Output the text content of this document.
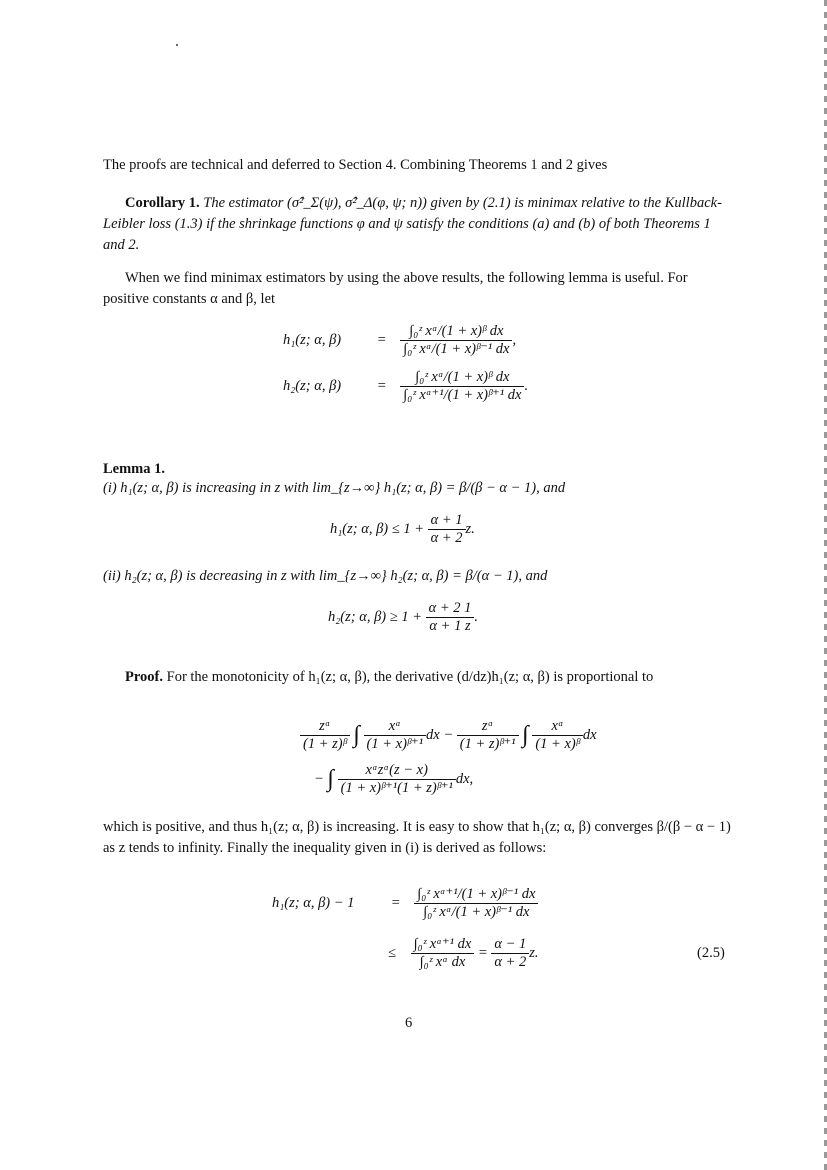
The proofs are technical and deferred to Section 4. Combining Theorems 1 and 2 gives
Corollary 1. The estimator (σ̂²_Σ(ψ), σ̂²_Δ(φ, ψ; n)) given by (2.1) is minimax relative to the Kullback-Leibler loss (1.3) if the shrinkage functions φ and ψ satisfy the conditions (a) and (b) of both Theorems 1 and 2.
When we find minimax estimators by using the above results, the following lemma is useful. For positive constants α and β, let
h₁(z; α, $\beta) = \frac{\text{∫₀ᶻ xᵅ/(1 + x)ᵝ dx}}{\text{∫₀ᶻ xᵅ/(1 + x)ᵝ⁻¹ dx}}$ ,
h₂(z; α, $\beta) = \frac{\text{∫₀ᶻ xᵅ/(1 + x)ᵝ dx}}{\text{∫₀ᶻ xᵅ⁺¹/(1 + x)ᵝ⁺¹ dx}}$ .
Lemma 1.
(i) h₁(z; α, β) is increasing in z with lim_{z→∞} h₁(z; α, β) = β/(β − α − 1), and
h₁(z; α, $\beta) \le 1 + \frac{\alpha + 1}{\alpha + 2} z$.
(ii) h₂(z; α, β) is decreasing in z with lim_{z→∞} h₂(z; α, β) = β/(α − 1), and
h₂(z; α, $\beta) \ge 1 + \frac{\alpha + 2 1}{\alpha + 1 z}$ .
Proof. For the monotonicity of h₁(z; α, β), the derivative (d/dz)h₁(z; α, β) is proportional to
$\frac{\text{zᵅ}}{\text{(1 + z)ᵝ}}$ ∫ $\frac{\text{xᵅ}}{\text{(1 + x)ᵝ⁺¹}}$ dx − $\frac{\text{zᵅ}}{\text{(1 + z)ᵝ⁺¹}}$ ∫ $\frac{\text{xᵅ}}{\text{(1 + x)ᵝ}}$ dx
− ∫ $\frac{\text{xᵅzᵅ(z − x)}}{\text{(1 + x)ᵝ⁺¹(1 + z)ᵝ⁺¹}}$ dx,
which is positive, and thus h₁(z; α, β) is increasing. It is easy to show that h₁(z; α, β) converges β/(β − α − 1) as z tends to infinity. Finally the inequality given in (i) is derived as follows:
h₁(z; α, β) − 1	= $\frac{\text{∫₀ᶻ xᵅ⁺¹/(1 + x)ᵝ⁻¹ dx}}{\text{∫₀ᶻ xᵅ/(1 + x)ᵝ⁻¹ dx}}$
≤ $\frac{\text{∫₀ᶻ xᵅ⁺¹ dx}}{\text{∫₀ᶻ xᵅ dx}} = \frac{\alpha - 1}{\alpha + 2} z$.	(2.5)
6
